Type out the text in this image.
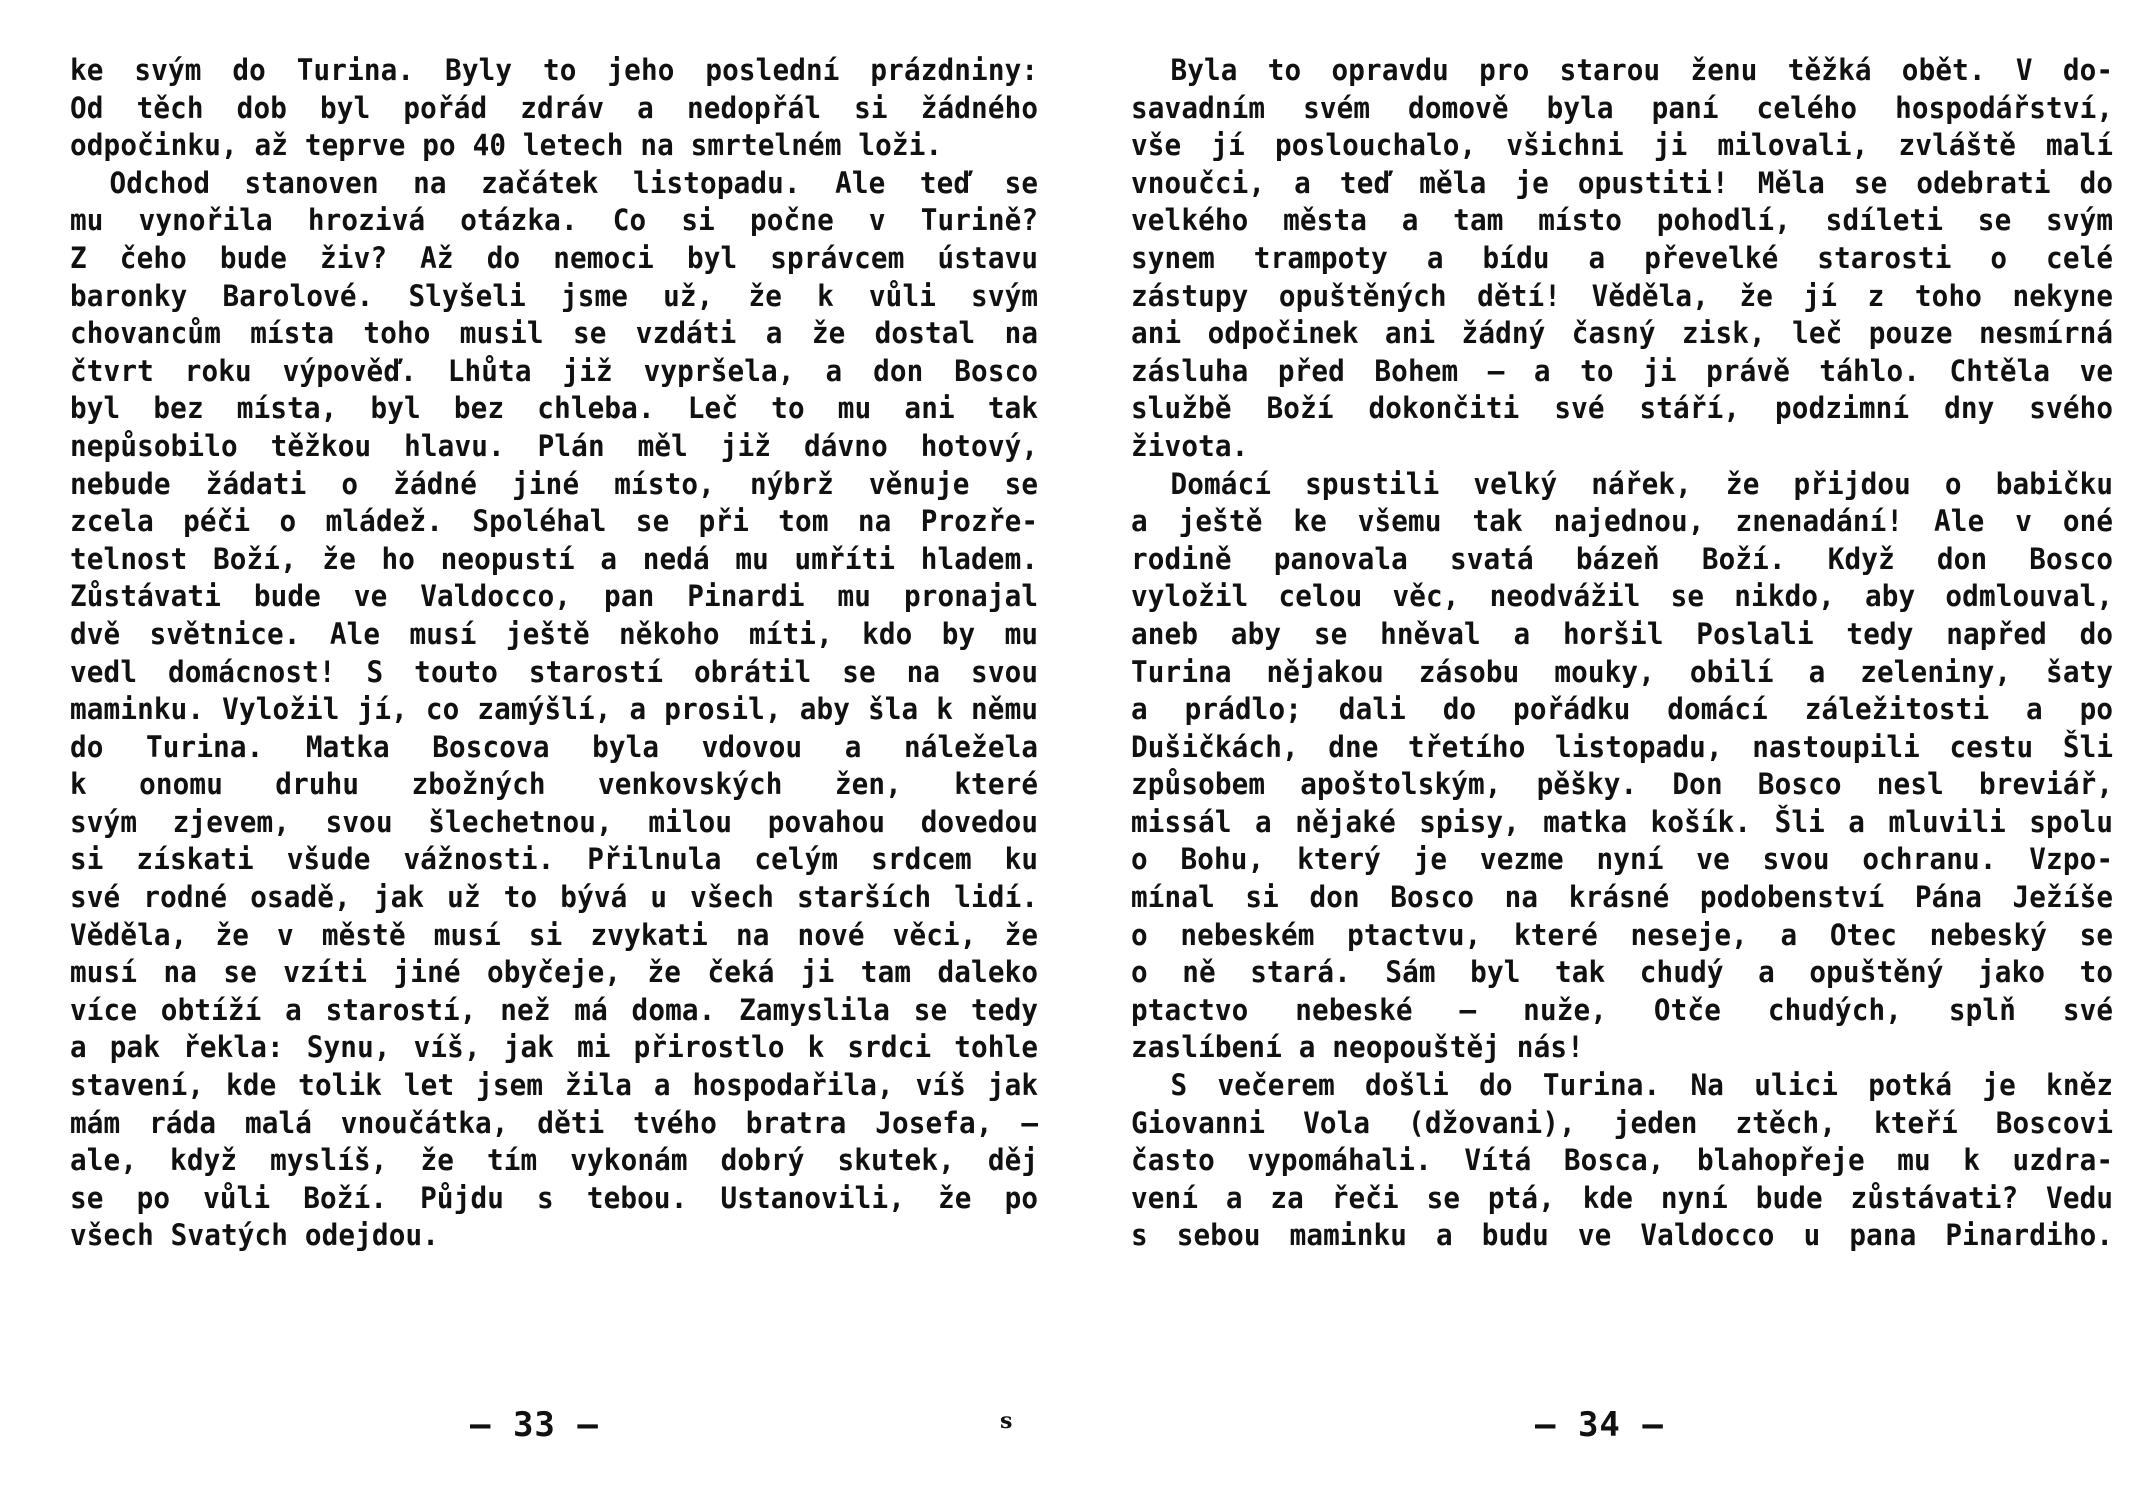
ke svým do Turina. Byly to jeho poslední prázdniny:
Od těch dob byl pořád zdráv a nedopřál si žádného
odpočinku, až teprve po 40 letech na smrtelném loži.
Odchod stanoven na začátek listopadu. Ale teď se
mu vynořila hrozivá otázka. Co si počne v Turině?
Z čeho bude živ? Až do nemoci byl správcem ústavu
baronky Barolové. Slyšeli jsme už, že k vůli svým
chovancům místa toho musil se vzdáti a že dostal na
čtvrt roku výpověď. Lhůta již vypršela, a don Bosco
byl bez místa, byl bez chleba. Leč to mu ani tak
nepůsobilo těžkou hlavu. Plán měl již dávno hotový,
nebude žádati o žádné jiné místo, nýbrž věnuje se
zcela péči o mládež. Spoléhal se při tom na Prozře-
telnost Boží, že ho neopustí a nedá mu umříti hladem.
Zůstávati bude ve Valdocco, pan Pinardi mu pronajal
dvě světnice. Ale musí ještě někoho míti, kdo by mu
vedl domácnost! S touto starostí obrátil se na svou
maminku. Vyložil jí, co zamýšlí, a prosil, aby šla k němu
do Turina. Matka Boscova byla vdovou a náležela
k onomu druhu zbožných venkovských žen, které
svým zjevem, svou šlechetnou, milou povahou dovedou
si získati všude vážnosti. Přilnula celým srdcem ku
své rodné osadě, jak už to bývá u všech starších lidí.
Věděla, že v městě musí si zvykati na nové věci, že
musí na se vzíti jiné obyčeje, že čeká ji tam daleko
více obtíží a starostí, než má doma. Zamyslila se tedy
a pak řekla: Synu, víš, jak mi přirostlo k srdci tohle
stavení, kde tolik let jsem žila a hospodařila, víš jak
mám ráda malá vnoučátka, děti tvého bratra Josefa, —
ale, když myslíš, že tím vykonám dobrý skutek, děj
se po vůli Boží. Půjdu s tebou. Ustanovili, že po
všech Svatých odejdou.
— 33 —	s
Byla to opravdu pro starou ženu těžká obět. V do-
savadním svém domově byla paní celého hospodářství,
vše jí poslouchalo, všichni ji milovali, zvláště malí
vnoučci, a teď měla je opustiti! Měla se odebrati do
velkého města a tam místo pohodlí, sdíleti se svým
synem trampoty a bídu a převelké starosti o celé
zástupy opuštěných dětí! Věděla, že jí z toho nekyne
ani odpočinek ani žádný časný zisk, leč pouze nesmírná
zásluha před Bohem — a to ji právě táhlo. Chtěla ve
službě Boží dokončiti své stáří, podzimní dny svého
života.
Domácí spustili velký nářek, že přijdou o babičku
a ještě ke všemu tak najednou, znenadání! Ale v oné
rodině panovala svatá bázeň Boží. Když don Bosco
vyložil celou věc, neodvážil se nikdo, aby odmlouval,
aneb aby se hněval a horšil Poslali tedy napřed do
Turina nějakou zásobu mouky, obilí a zeleniny, šaty
a prádlo; dali do pořádku domácí záležitosti a po
Dušičkách, dne třetího listopadu, nastoupili cestu Šli
způsobem apoštolským, pěšky. Don Bosco nesl breviář,
missál a nějaké spisy, matka košík. Šli a mluvili spolu
o Bohu, který je vezme nyní ve svou ochranu. Vzpo-
mínal si don Bosco na krásné podobenství Pána Ježíše
o nebeském ptactvu, které neseje, a Otec nebeský se
o ně stará. Sám byl tak chudý a opuštěný jako to
ptactvo nebeské — nuže, Otče chudých, splň své
zaslíbení a neopouštěj nás!
S večerem došli do Turina. Na ulici potká je kněz
Giovanni Vola (džovani), jeden ztěch, kteří Boscovi
často vypomáhali. Vítá Bosca, blahopřeje mu k uzdra-
vení a za řeči se ptá, kde nyní bude zůstávati? Vedu
s sebou maminku a budu ve Valdocco u pana Pinardiho.
— 34 —
